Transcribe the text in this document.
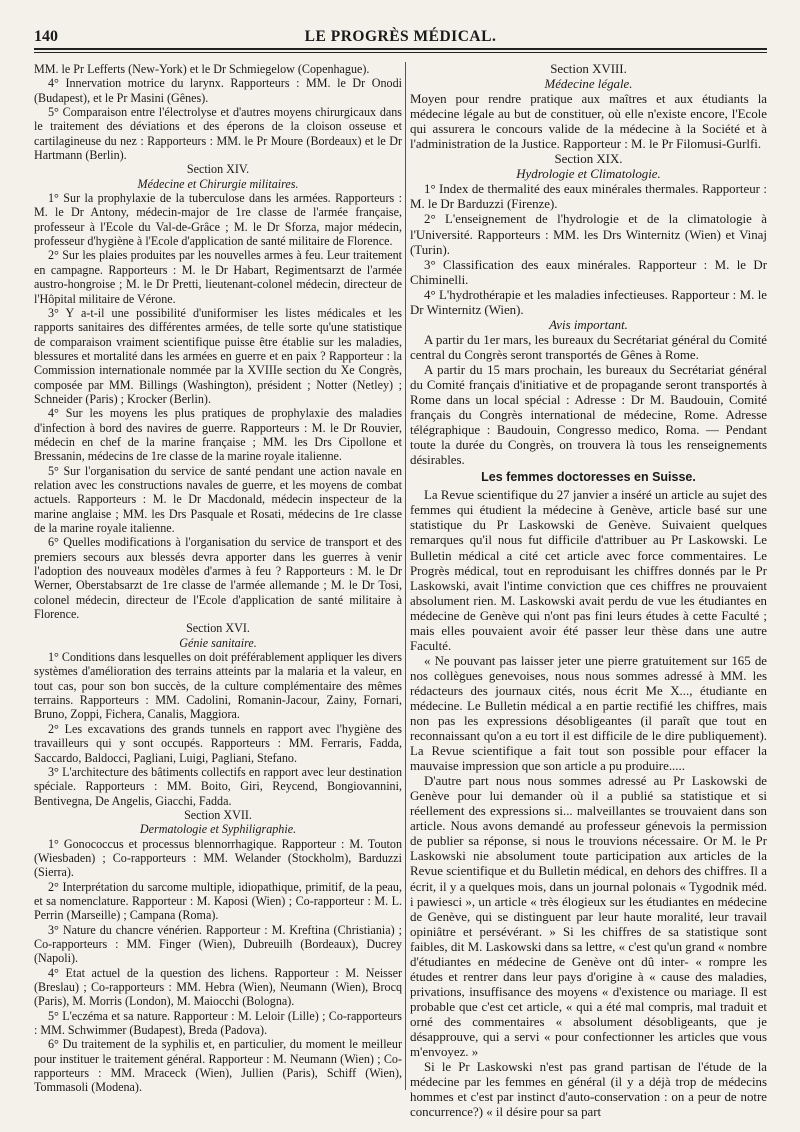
140	LE PROGRÈS MÉDICAL.

MM. le Pr Lefferts (New-York) et le Dr Schmiegelow (Copenhague).

4° Innervation motrice du larynx. Rapporteurs : MM. le Dr Onodi (Budapest), et le Pr Masini (Gênes).

5° Comparaison entre l'électrolyse et d'autres moyens chirurgicaux dans le traitement des déviations et des éperons de la cloison osseuse et cartilagineuse du nez : Rapporteurs : MM. le Pr Moure (Bordeaux) et le Dr Hartmann (Berlin).

Section XIV.

Médecine et Chirurgie militaires.

1° Sur la prophylaxie de la tuberculose dans les armées. Rapporteurs : M. le Dr Antony, médecin-major de 1re classe de l'armée française, professeur à l'Ecole du Val-de-Grâce ; M. le Dr Sforza, major médecin, professeur d'hygiène à l'Ecole d'application de santé militaire de Florence.

2° Sur les plaies produites par les nouvelles armes à feu. Leur traitement en campagne. Rapporteurs : M. le Dr Habart, Regimentsarzt de l'armée austro-hongroise ; M. le Dr Pretti, lieutenant-colonel médecin, directeur de l'Hôpital militaire de Vérone.

3° Y a-t-il une possibilité d'uniformiser les listes médicales et les rapports sanitaires des différentes armées, de telle sorte qu'une statistique de comparaison vraiment scientifique puisse être établie sur les maladies, blessures et mortalité dans les armées en guerre et en paix ? Rapporteur : la Commission internationale nommée par la XVIIIe section du Xe Congrès, composée par MM. Billings (Washington), président ; Notter (Netley) ; Schneider (Paris) ; Krocker (Berlin).

4° Sur les moyens les plus pratiques de prophylaxie des maladies d'infection à bord des navires de guerre. Rapporteurs : M. le Dr Rouvier, médecin en chef de la marine française ; MM. les Drs Cipollone et Bressanin, médecins de 1re classe de la marine royale italienne.

5° Sur l'organisation du service de santé pendant une action navale en relation avec les constructions navales de guerre, et les moyens de combat actuels. Rapporteurs : M. le Dr Macdonald, médecin inspecteur de la marine anglaise ; MM. les Drs Pasquale et Rosati, médecins de 1re classe de la marine royale italienne.

6° Quelles modifications à l'organisation du service de transport et des premiers secours aux blessés devra apporter dans les guerres à venir l'adoption des nouveaux modèles d'armes à feu ? Rapporteurs : M. le Dr Werner, Oberstabsarzt de 1re classe de l'armée allemande ; M. le Dr Tosi, colonel médecin, directeur de l'Ecole d'application de santé militaire à Florence.

Section XVI.

Génie sanitaire.

1° Conditions dans lesquelles on doit préférablement appliquer les divers systèmes d'amélioration des terrains atteints par la malaria et la valeur, en tout cas, pour son bon succès, de la culture complémentaire des mêmes terrains. Rapporteurs : MM. Cadolini, Romanin-Jacour, Zainy, Fornari, Bruno, Zoppi, Fichera, Canalis, Maggiora.

2° Les excavations des grands tunnels en rapport avec l'hygiène des travailleurs qui y sont occupés. Rapporteurs : MM. Ferraris, Fadda, Saccardo, Baldocci, Pagliani, Luigi, Pagliani, Stefano.

3° L'architecture des bâtiments collectifs en rapport avec leur destination spéciale. Rapporteurs : MM. Boito, Giri, Reycend, Bongiovannini, Bentivegna, De Angelis, Giacchi, Fadda.

Section XVII.

Dermatologie et Syphiligraphie.

1° Gonococcus et processus blennorrhagique. Rapporteur : M. Touton (Wiesbaden) ; Co-rapporteurs : MM. Welander (Stockholm), Barduzzi (Sierra).

2° Interprétation du sarcome multiple, idiopathique, primitif, de la peau, et sa nomenclature. Rapporteur : M. Kaposi (Wien) ; Co-rapporteur : M. L. Perrin (Marseille) ; Campana (Roma).

3° Nature du chancre vénérien. Rapporteur : M. Kreftina (Christiania) ; Co-rapporteurs : MM. Finger (Wien), Dubreuilh (Bordeaux), Ducrey (Napoli).

4° Etat actuel de la question des lichens. Rapporteur : M. Neisser (Breslau) ; Co-rapporteurs : MM. Hebra (Wien), Neumann (Wien), Brocq (Paris), M. Morris (London), M. Maiocchi (Bologna).

5° L'eczéma et sa nature. Rapporteur : M. Leloir (Lille) ; Co-rapporteurs : MM. Schwimmer (Budapest), Breda (Padova).

6° Du traitement de la syphilis et, en particulier, du moment le meilleur pour instituer le traitement général. Rapporteur : M. Neumann (Wien) ; Co-rapporteurs : MM. Mraceck (Wien), Jullien (Paris), Schiff (Wien), Tommasoli (Modena).

Section XVIII.

Médecine légale.

Moyen pour rendre pratique aux maîtres et aux étudiants la médecine légale au but de constituer, où elle n'existe encore, l'Ecole qui assurera le concours valide de la médecine à la Société et à l'administration de la Justice. Rapporteur : M. le Pr Filomusi-Gurlfi.

Section XIX.

Hydrologie et Climatologie.

1° Index de thermalité des eaux minérales thermales. Rapporteur : M. le Dr Barduzzi (Firenze).

2° L'enseignement de l'hydrologie et de la climatologie à l'Université. Rapporteurs : MM. les Drs Winternitz (Wien) et Vinaj (Turin).

3° Classification des eaux minérales. Rapporteur : M. le Dr Chiminelli.

4° L'hydrothérapie et les maladies infectieuses. Rapporteur : M. le Dr Winternitz (Wien).

Avis important.

A partir du 1er mars, les bureaux du Secrétariat général du Comité central du Congrès seront transportés de Gênes à Rome.

A partir du 15 mars prochain, les bureaux du Secrétariat général du Comité français d'initiative et de propagande seront transportés à Rome dans un local spécial : Adresse : Dr M. Baudouin, Comité français du Congrès international de médecine, Rome. Adresse télégraphique : Baudouin, Congresso medico, Roma. — Pendant toute la durée du Congrès, on trouvera là tous les renseignements désirables.

Les femmes doctoresses en Suisse.

La Revue scientifique du 27 janvier a inséré un article au sujet des femmes qui étudient la médecine à Genève, article basé sur une statistique du Pr Laskowski de Genève. Suivaient quelques remarques qu'il nous fut difficile d'attribuer au Pr Laskowski. Le Bulletin médical a cité cet article avec force commentaires. Le Progrès médical, tout en reproduisant les chiffres donnés par le Pr Laskowski, avait l'intime conviction que ces chiffres ne prouvaient absolument rien. M. Laskowski avait perdu de vue les étudiantes en médecine de Genève qui n'ont pas fini leurs études à cette Faculté ; mais elles pouvaient avoir été passer leur thèse dans une autre Faculté.

« Ne pouvant pas laisser jeter une pierre gratuitement sur 165 de nos collègues genevoises, nous nous sommes adressé à MM. les rédacteurs des journaux cités, nous écrit Me X..., étudiante en médecine. Le Bulletin médical a en partie rectifié les chiffres, mais non pas les expressions désobligeantes (il paraît que tout en reconnaissant qu'on a eu tort il est difficile de le dire publiquement). La Revue scientifique a fait tout son possible pour effacer la mauvaise impression que son article a pu produire.....

D'autre part nous nous sommes adressé au Pr Laskowski de Genève pour lui demander où il a publié sa statistique et si réellement des expressions si... malveillantes se trouvaient dans son article. Nous avons demandé au professeur génevois la permission de publier sa réponse, si nous le trouvions nécessaire. Or M. le Pr Laskowski nie absolument toute participation aux articles de la Revue scientifique et du Bulletin médical, en dehors des chiffres. Il a écrit, il y a quelques mois, dans un journal polonais « Tygodnik méd. i pawiesci », un article « très élogieux sur les étudiantes en médecine de Genève, qui se distinguent par leur haute moralité, leur travail opiniâtre et persévérant. » Si les chiffres de sa statistique sont faibles, dit M. Laskowski dans sa lettre, « c'est qu'un grand « nombre d'étudiantes en médecine de Genève ont dû inter- « rompre les études et rentrer dans leur pays d'origine à « cause des maladies, privations, insuffisance des moyens « d'existence ou mariage. Il est probable que c'est cet article, « qui a été mal compris, mal traduit et orné des commentaires « absolument désobligeants, que je désapprouve, qui a servi « pour confectionner les articles que vous m'envoyez. »

Si le Pr Laskowski n'est pas grand partisan de l'étude de la médecine par les femmes en général (il y a déjà trop de médecins hommes et c'est par instinct d'auto-conservation : on a peur de notre concurrence?) « il désire pour sa part
